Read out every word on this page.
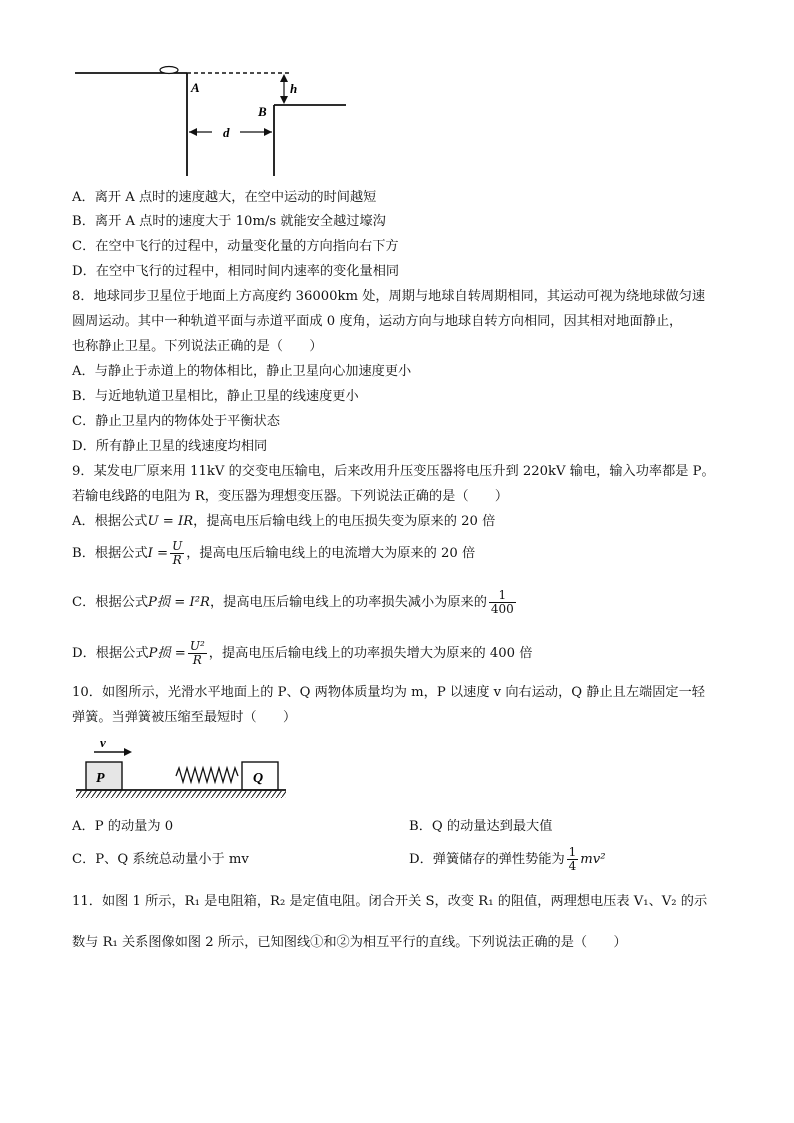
A
B
h
d
A．离开 A 点时的速度越大，在空中运动的时间越短
B．离开 A 点时的速度大于 10m/s 就能安全越过壕沟
C．在空中飞行的过程中，动量变化量的方向指向右下方
D．在空中飞行的过程中，相同时间内速率的变化量相同
8．地球同步卫星位于地面上方高度约 36000km 处，周期与地球自转周期相同，其运动可视为绕地球做匀速
圆周运动。其中一种轨道平面与赤道平面成 0 度角，运动方向与地球自转方向相同，因其相对地面静止，
也称静止卫星。下列说法正确的是（　　）
A．与静止于赤道上的物体相比，静止卫星向心加速度更小
B．与近地轨道卫星相比，静止卫星的线速度更小
C．静止卫星内的物体处于平衡状态
D．所有静止卫星的线速度均相同
9．某发电厂原来用 11kV 的交变电压输电，后来改用升压变压器将电压升到 220kV 输电，输入功率都是 P。
若输电线路的电阻为 R，变压器为理想变压器。下列说法正确的是（　　）
A．根据公式U = IR，提高电压后输电线上的电压损失变为原来的 20 倍
B．根据公式$I = \frac{U}{R}$ ，提高电压后输电线上的电流增大为原来的 20 倍
C．根据公式P损 = I²R，提高电压后输电线上的功率损失减小为原来的 $\frac{1}{400}$
D．根据公式P损 = $\frac{\text{U²}}{R}$ ，提高电压后输电线上的功率损失增大为原来的 400 倍
10．如图所示，光滑水平地面上的 P、Q 两物体质量均为 m，P 以速度 v 向右运动，Q 静止且左端固定一轻
弹簧。当弹簧被压缩至最短时（　　）
v
P	Q
A．P 的动量为 0	B．Q 的动量达到最大值
C．P、Q 系统总动量小于 mv	D．弹簧储存的弹性势能为 $\frac{1}{4} mv^2$
11．如图 1 所示，R₁ 是电阻箱，R₂ 是定值电阻。闭合开关 S，改变 R₁ 的阻值，两理想电压表 V₁、V₂ 的示
数与 R₁ 关系图像如图 2 所示，已知图线①和②为相互平行的直线。下列说法正确的是（　　）
